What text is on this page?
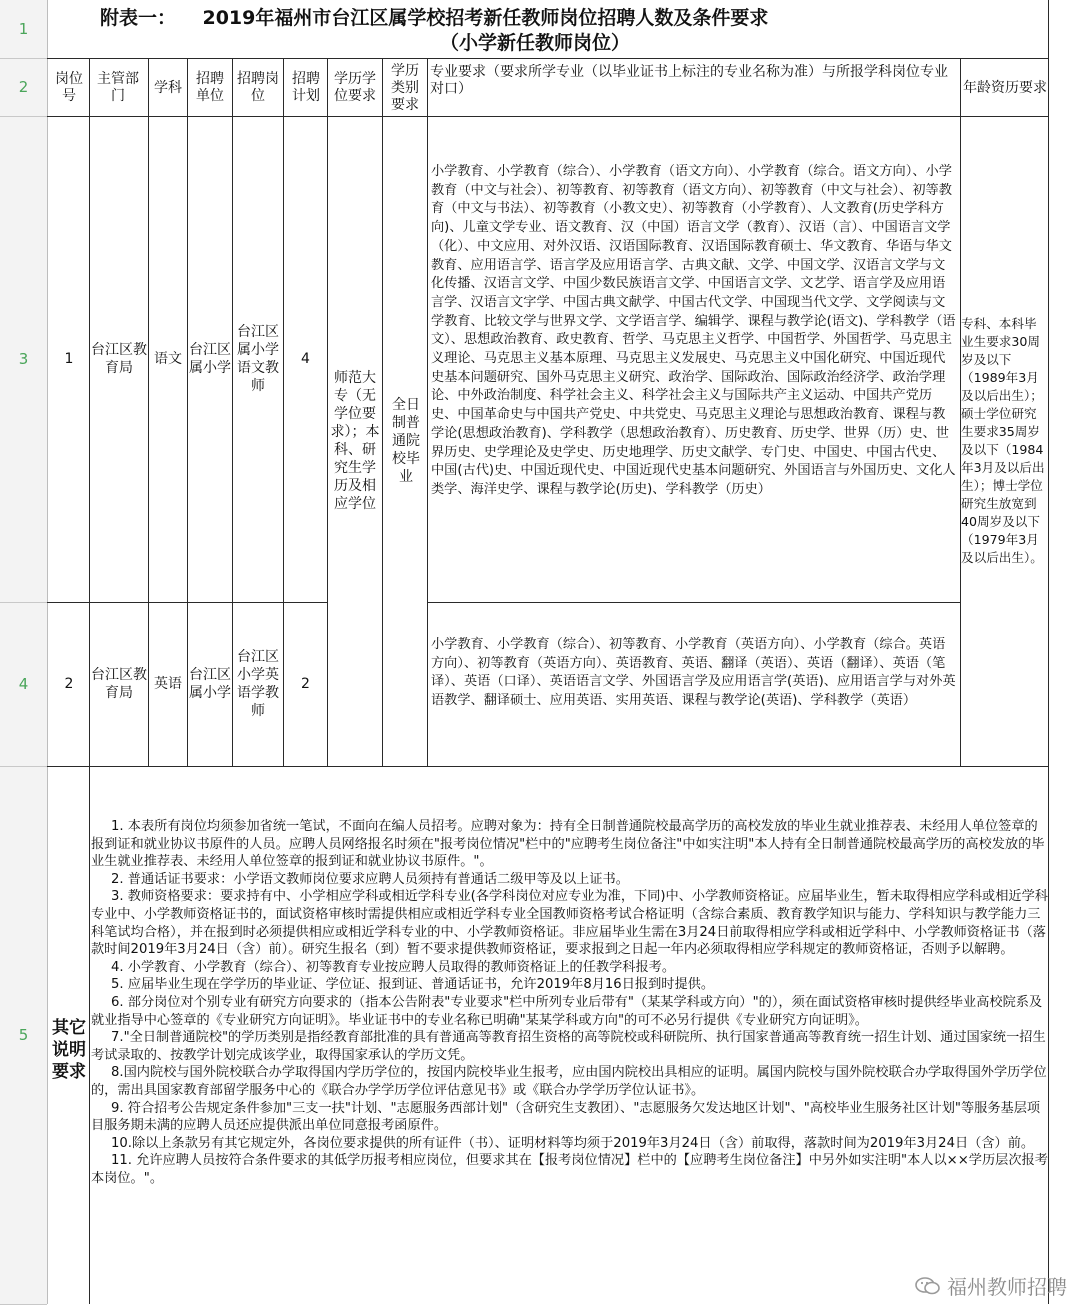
1
2
3
4
5
附表一： 2019年福州市台江区属学校招考新任教师岗位招聘人数及条件要求
（小学新任教师岗位）
岗位号
主管部门
学科
招聘单位
招聘岗位
招聘计划
学历学位要求
学历类别要求
专业要求（要求所学专业（以毕业证书上标注的专业名称为准）与所报学科岗位专业对口）	年龄资历要求
1
台江区教育局
语文
台江区属小学
台江区属小学语文教师
4
小学教育、小学教育（综合）、小学教育（语文方向）、小学教育（综合。语文方向）、小学教育（中文与社会）、初等教育、初等教育（语文方向）、初等教育（中文与社会）、初等教育（中文与书法）、初等教育（小教文史）、初等教育（小学教育）、人文教育(历史学科方向)、儿童文学专业、语文教育、汉（中国）语言文学（教育）、汉语（言）、中国语言文学（化）、中文应用、对外汉语、汉语国际教育、汉语国际教育硕士、华文教育、华语与华文教育、应用语言学、语言学及应用语言学、古典文献、文学、中国文学、汉语言文学与文化传播、汉语言文学、中国少数民族语言文学、中国语言文学、文艺学、语言学及应用语言学、汉语言文字学、中国古典文献学、中国古代文学、中国现当代文学、文学阅读与文学教育、比较文学与世界文学、文学语言学、编辑学、课程与教学论(语文)、学科教学（语文）、思想政治教育、政史教育、哲学、马克思主义哲学、中国哲学、外国哲学、马克思主义理论、马克思主义基本原理、马克思主义发展史、马克思主义中国化研究、中国近现代史基本问题研究、国外马克思主义研究、政治学、国际政治、国际政治经济学、政治学理论、中外政治制度、科学社会主义、科学社会主义与国际共产主义运动、中国共产党历史、中国革命史与中国共产党史、中共党史、马克思主义理论与思想政治教育、课程与教学论(思想政治教育)、学科教学（思想政治教育）、历史教育、历史学、世界（历）史、世界历史、史学理论及史学史、历史地理学、历史文献学、专门史、中国史、中国古代史、中国(古代)史、中国近现代史、中国近现代史基本问题研究、外国语言与外国历史、文化人类学、海洋史学、课程与教学论(历史)、学科教学（历史）
师范大专（无学位要求）；本科、研究生学历及相应学位
全日制普通院校毕业
专科、本科毕业生要求30周岁及以下（1989年3月及以后出生）；硕士学位研究生要求35周岁及以下（1984年3月及以后出生）；博士学位研究生放宽到40周岁及以下（1979年3月及以后出生）。
2
台江区教育局
英语
台江区属小学
台江区小学英语学教师
2
小学教育、小学教育（综合）、初等教育、小学教育（英语方向）、小学教育（综合。英语方向）、初等教育（英语方向）、英语教育、英语、翻译（英语）、英语（翻译）、英语（笔译）、英语（口译）、英语语言文学、外国语言学及应用语言学(英语)、应用语言学与对外英语教学、翻译硕士、应用英语、实用英语、课程与教学论(英语)、学科教学（英语）
其它说明要求

1. 本表所有岗位均须参加省统一笔试，不面向在编人员招考。应聘对象为：持有全日制普通院校最高学历的高校发放的毕业生就业推荐表、未经用人单位签章的报到证和就业协议书原件的人员。应聘人员网络报名时须在"报考岗位情况"栏中的"应聘考生岗位备注"中如实注明"本人持有全日制普通院校最高学历的高校发放的毕业生就业推荐表、未经用人单位签章的报到证和就业协议书原件。"。

2. 普通话证书要求：小学语文教师岗位要求应聘人员须持有普通话二级甲等及以上证书。

3. 教师资格要求：要求持有中、小学相应学科或相近学科专业(各学科岗位对应专业为准，下同)中、小学教师资格证。应届毕业生，暂未取得相应学科或相近学科专业中、小学教师资格证书的，面试资格审核时需提供相应或相近学科专业全国教师资格考试合格证明（含综合素质、教育教学知识与能力、学科知识与教学能力三科笔试均合格），并在报到时必须提供相应或相近学科专业的中、小学教师资格证。非应届毕业生需在3月24日前取得相应学科或相近学科中、小学教师资格证书（落款时间2019年3月24日（含）前）。研究生报名（到）暂不要求提供教师资格证，要求报到之日起一年内必须取得相应学科规定的教师资格证，否则予以解聘。

4. 小学教育、小学教育（综合）、初等教育专业按应聘人员取得的教师资格证上的任教学科报考。

5. 应届毕业生现在学学历的毕业证、学位证、报到证、普通话证书，允许2019年8月16日报到时提供。

6. 部分岗位对个别专业有研究方向要求的（指本公告附表"专业要求"栏中所列专业后带有"（某某学科或方向）"的），须在面试资格审核时提供经毕业高校院系及就业指导中心签章的《专业研究方向证明》。毕业证书中的专业名称已明确"某某学科或方向"的可不必另行提供《专业研究方向证明》。

7."全日制普通院校"的学历类别是指经教育部批准的具有普通高等教育招生资格的高等院校或科研院所、执行国家普通高等教育统一招生计划、通过国家统一招生考试录取的、按教学计划完成该学业，取得国家承认的学历文凭。

8.国内院校与国外院校联合办学取得国内学历学位的，按国内院校毕业生报考，应由国内院校出具相应的证明。属国内院校与国外院校联合办学取得国外学历学位的，需出具国家教育部留学服务中心的《联合办学学历学位评估意见书》或《联合办学学历学位认证书》。

9. 符合招考公告规定条件参加"三支一扶"计划、"志愿服务西部计划"（含研究生支教团）、"志愿服务欠发达地区计划"、"高校毕业生服务社区计划"等服务基层项目服务期未满的应聘人员还应提供派出单位同意报考函原件。

10.除以上条款另有其它规定外，各岗位要求提供的所有证件（书）、证明材料等均须于2019年3月24日（含）前取得，落款时间为2019年3月24日（含）前。

11. 允许应聘人员按符合条件要求的其低学历报考相应岗位，但要求其在【报考岗位情况】栏中的【应聘考生岗位备注】中另外如实注明"本人以××学历层次报考本岗位。"。

福州教师招聘
